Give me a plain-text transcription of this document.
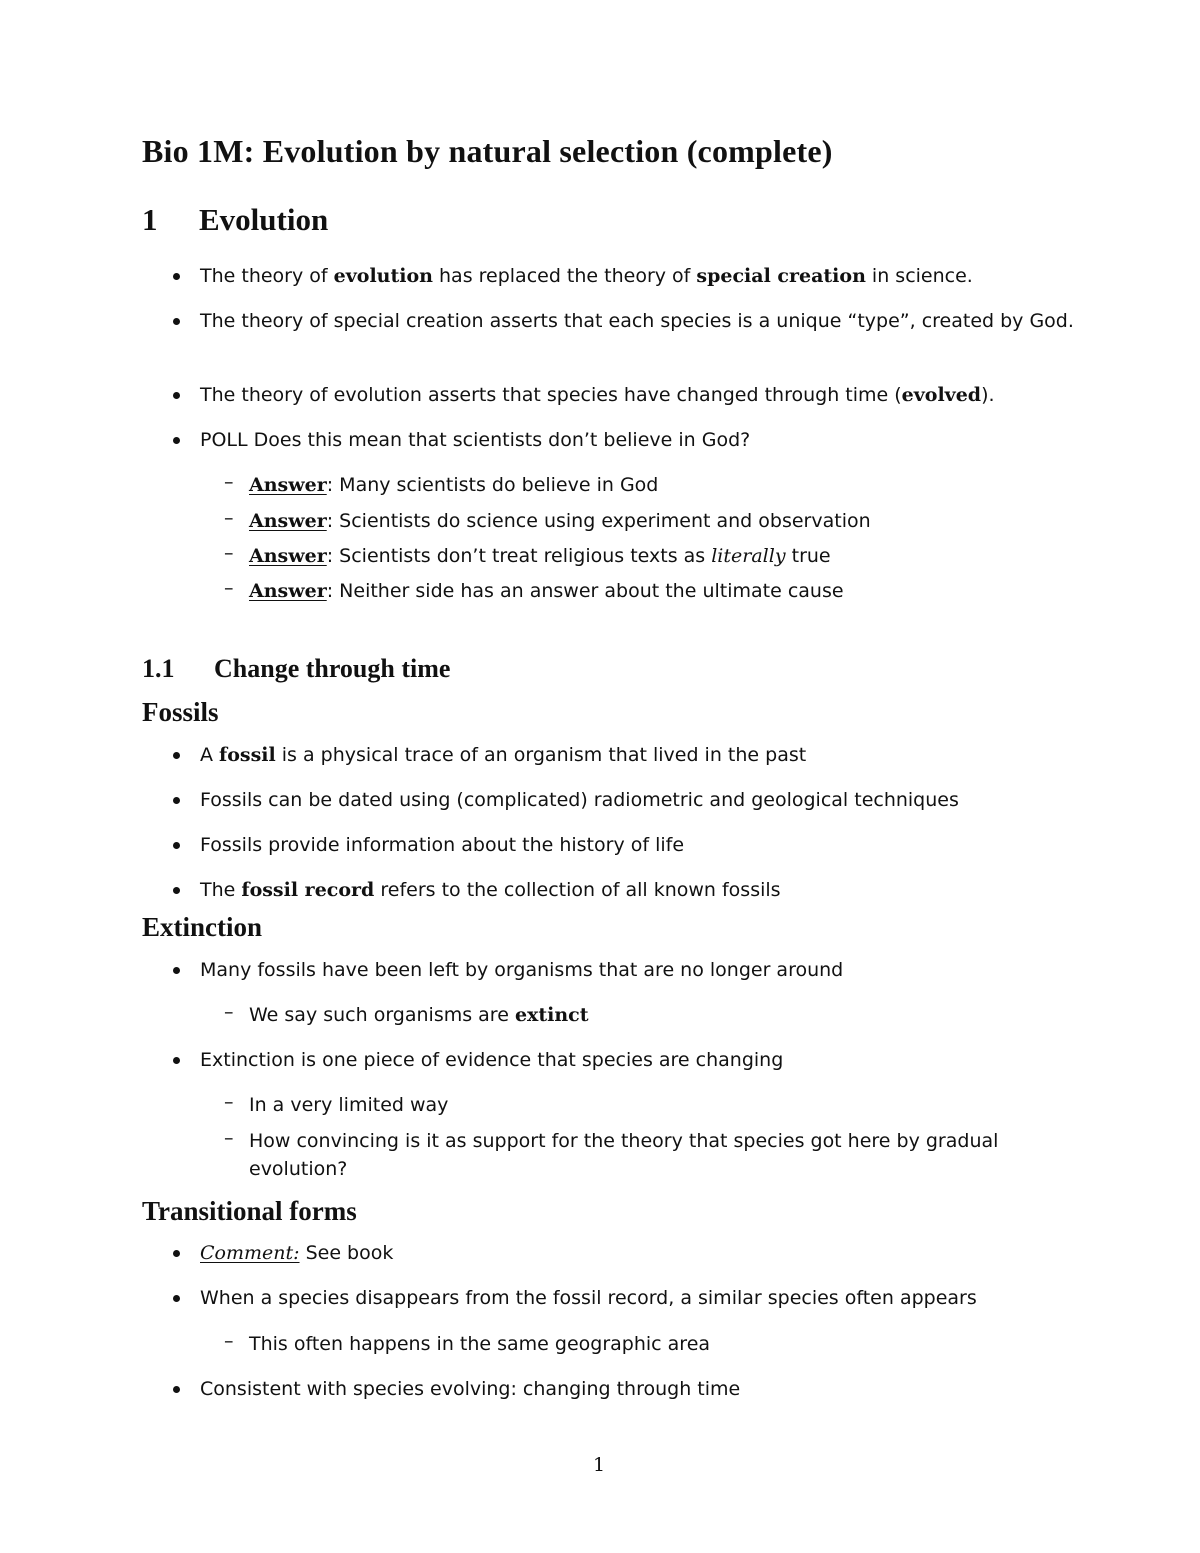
Bio 1M: Evolution by natural selection (complete)
1 Evolution
The theory of evolution has replaced the theory of special creation in science.
The theory of special creation asserts that each species is a unique “type”, created by God.
The theory of evolution asserts that species have changed through time (evolved).
POLL Does this mean that scientists don’t believe in God?
– Answer: Many scientists do believe in God
– Answer: Scientists do science using experiment and observation
– Answer: Scientists don’t treat religious texts as literally true
– Answer: Neither side has an answer about the ultimate cause
1.1 Change through time
Fossils
A fossil is a physical trace of an organism that lived in the past
Fossils can be dated using (complicated) radiometric and geological techniques
Fossils provide information about the history of life
The fossil record refers to the collection of all known fossils
Extinction
Many fossils have been left by organisms that are no longer around
– We say such organisms are extinct
Extinction is one piece of evidence that species are changing
– In a very limited way
– How convincing is it as support for the theory that species got here by gradual evolution?
Transitional forms
Comment: See book
When a species disappears from the fossil record, a similar species often appears
– This often happens in the same geographic area
Consistent with species evolving: changing through time
1
